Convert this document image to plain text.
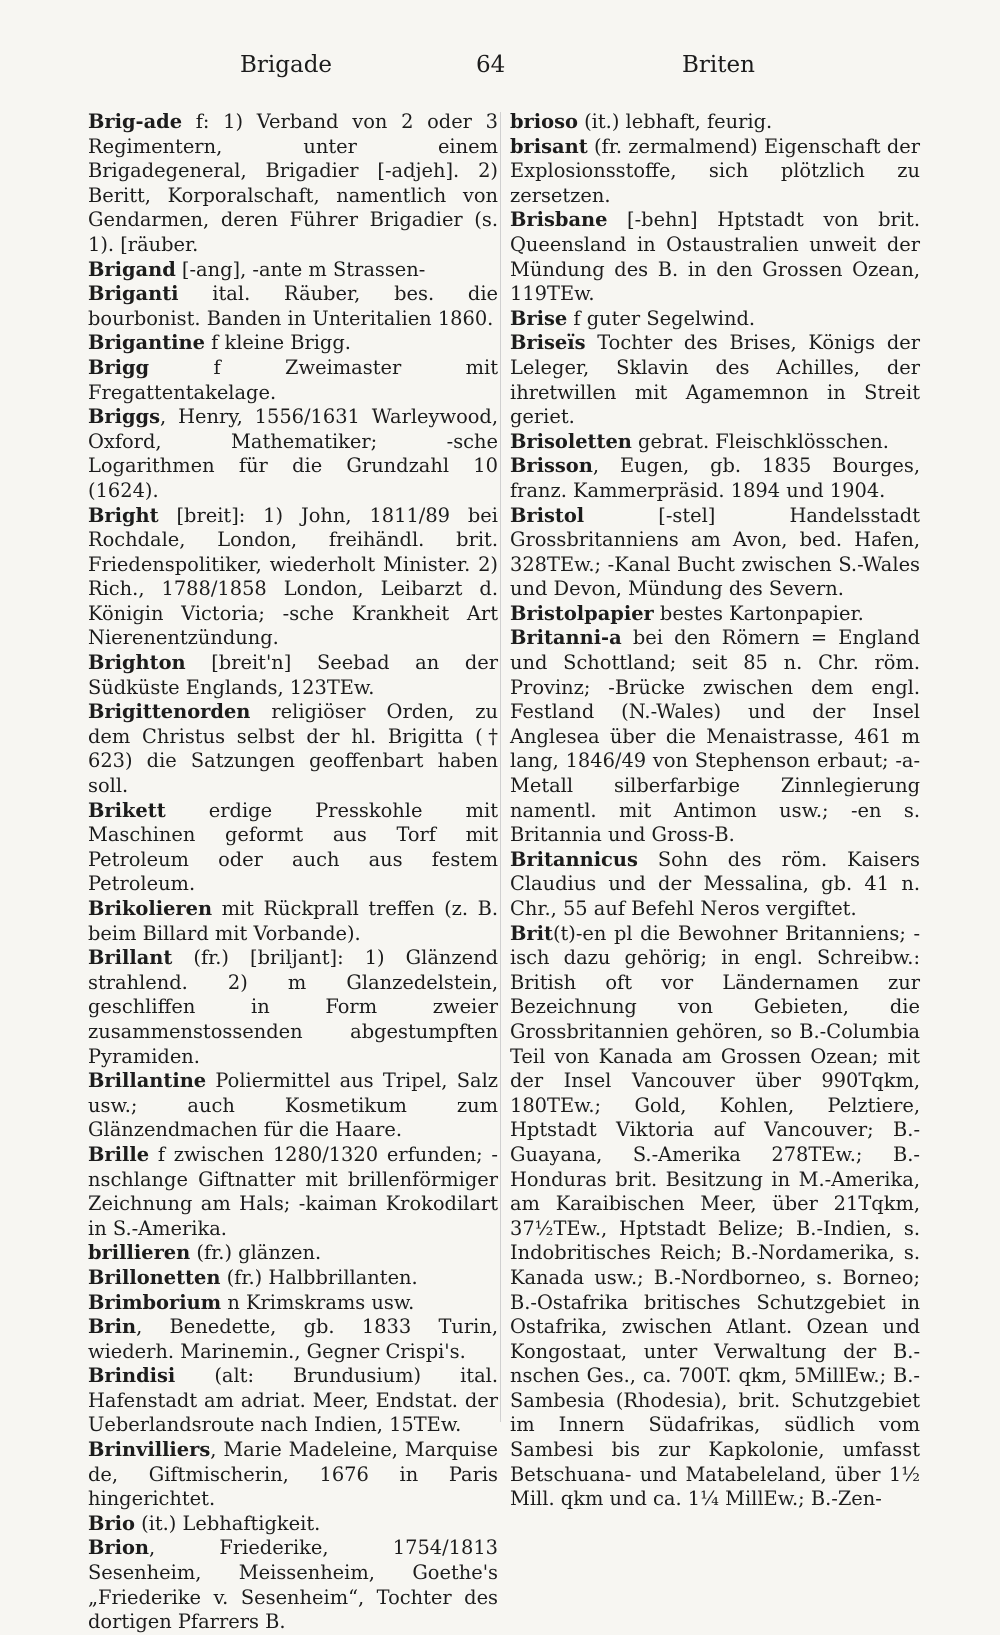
Brigade	64	Briten

Brig-ade f: 1) Verband von 2 oder 3 Regimentern, unter einem Brigadegeneral, Brigadier [-adjeh]. 2) Beritt, Korporalschaft, namentlich von Gendarmen, deren Führer Brigadier (s. 1). [räuber.

Brigand [-ang], -ante m Strassen-

Briganti ital. Räuber, bes. die bourbonist. Banden in Unteritalien 1860.

Brigantine f kleine Brigg.

Brigg f Zweimaster mit Fregattentakelage.

Briggs, Henry, 1556/1631 Warleywood, Oxford, Mathematiker; -sche Logarithmen für die Grundzahl 10 (1624).

Bright [breit]: 1) John, 1811/89 bei Rochdale, London, freihändl. brit. Friedenspolitiker, wiederholt Minister. 2) Rich., 1788/1858 London, Leibarzt d. Königin Victoria; -sche Krankheit Art Nierenentzündung.

Brighton [breit'n] Seebad an der Südküste Englands, 123TEw.

Brigittenorden religiöser Orden, zu dem Christus selbst der hl. Brigitta († 623) die Satzungen geoffenbart haben soll.

Brikett erdige Presskohle mit Maschinen geformt aus Torf mit Petroleum oder auch aus festem Petroleum.

Brikolieren mit Rückprall treffen (z. B. beim Billard mit Vorbande).

Brillant (fr.) [briljant]: 1) Glänzend strahlend. 2) m Glanzedelstein, geschliffen in Form zweier zusammenstossenden abgestumpften Pyramiden.

Brillantine Poliermittel aus Tripel, Salz usw.; auch Kosmetikum zum Glänzendmachen für die Haare.

Brille f zwischen 1280/1320 erfunden; -nschlange Giftnatter mit brillenförmiger Zeichnung am Hals; -kaiman Krokodilart in S.-Amerika.

brillieren (fr.) glänzen.

Brillonetten (fr.) Halbbrillanten.

Brimborium n Krimskrams usw.

Brin, Benedette, gb. 1833 Turin, wiederh. Marinemin., Gegner Crispi's.

Brindisi (alt: Brundusium) ital. Hafenstadt am adriat. Meer, Endstat. der Ueberlandsroute nach Indien, 15TEw.

Brinvilliers, Marie Madeleine, Marquise de, Giftmischerin, 1676 in Paris hingerichtet.

Brio (it.) Lebhaftigkeit.

Brion, Friederike, 1754/1813 Sesenheim, Meissenheim, Goethe's „Friederike v. Sesenheim“, Tochter des dortigen Pfarrers B.

brioso (it.) lebhaft, feurig.

brisant (fr. zermalmend) Eigenschaft der Explosionsstoffe, sich plötzlich zu zersetzen.

Brisbane [-behn] Hptstadt von brit. Queensland in Ostaustralien unweit der Mündung des B. in den Grossen Ozean, 119TEw.

Brise f guter Segelwind.

Briseïs Tochter des Brises, Königs der Leleger, Sklavin des Achilles, der ihretwillen mit Agamemnon in Streit geriet.

Brisoletten gebrat. Fleischklösschen.

Brisson, Eugen, gb. 1835 Bourges, franz. Kammerpräsid. 1894 und 1904.

Bristol [-stel] Handelsstadt Grossbritanniens am Avon, bed. Hafen, 328TEw.; -Kanal Bucht zwischen S.-Wales und Devon, Mündung des Severn.

Bristolpapier bestes Kartonpapier.

Britanni-a bei den Römern = England und Schottland; seit 85 n. Chr. röm. Provinz; -Brücke zwischen dem engl. Festland (N.-Wales) und der Insel Anglesea über die Menaistrasse, 461 m lang, 1846/49 von Stephenson erbaut; -a-Metall silberfarbige Zinnlegierung namentl. mit Antimon usw.; -en s. Britannia und Gross-B.

Britannicus Sohn des röm. Kaisers Claudius und der Messalina, gb. 41 n. Chr., 55 auf Befehl Neros vergiftet.

Brit(t)-en pl die Bewohner Britanniens; -isch dazu gehörig; in engl. Schreibw.: British oft vor Ländernamen zur Bezeichnung von Gebieten, die Grossbritannien gehören, so B.-Columbia Teil von Kanada am Grossen Ozean; mit der Insel Vancouver über 990Tqkm, 180TEw.; Gold, Kohlen, Pelztiere, Hptstadt Viktoria auf Vancouver; B.-Guayana, S.-Amerika 278TEw.; B.-Honduras brit. Besitzung in M.-Amerika, am Karaibischen Meer, über 21Tqkm, 37½TEw., Hptstadt Belize; B.-Indien, s. Indobritisches Reich; B.-Nordamerika, s. Kanada usw.; B.-Nordborneo, s. Borneo; B.-Ostafrika britisches Schutzgebiet in Ostafrika, zwischen Atlant. Ozean und Kongostaat, unter Verwaltung der B.-nschen Ges., ca. 700T. qkm, 5MillEw.; B.-Sambesia (Rhodesia), brit. Schutzgebiet im Innern Südafrikas, südlich vom Sambesi bis zur Kapkolonie, umfasst Betschuana- und Matabeleland, über 1½ Mill. qkm und ca. 1¼ MillEw.; B.-Zen-
